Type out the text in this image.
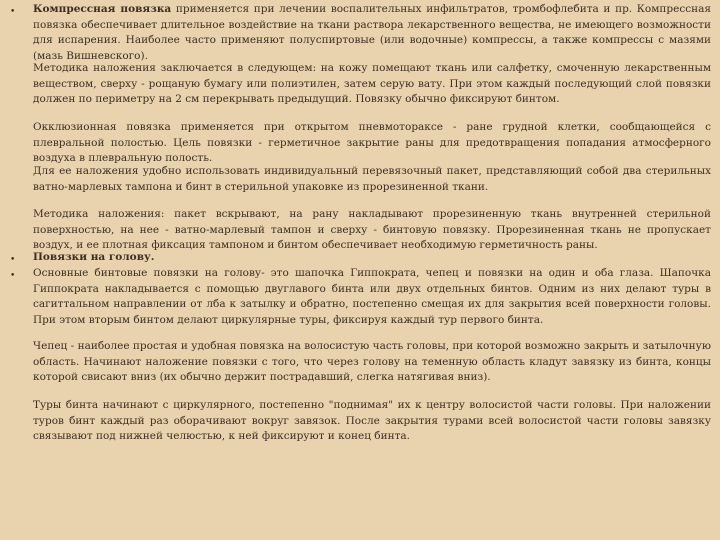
• Компрессная повязка применяется при лечении воспалительных инфильтратов, тромбофлебита и пр. Компрессная повязка обеспечивает длительное воздействие на ткани раствора лекарственного вещества, не имеющего возможности для испарения. Наиболее часто применяют полуспиртовые (или водочные) компрессы, а также компрессы с мазями (мазь Вишневского).

Методика наложения заключается в следующем: на кожу помещают ткань или салфетку, смоченную лекарственным веществом, сверху - рощаную бумагу или полиэтилен, затем серую вату. При этом каждый последующий слой повязки должен по периметру на 2 см перекрывать предыдущий. Повязку обычно фиксируют бинтом.

Окклюзионная повязка применяется при открытом пневмотораксе - ране грудной клетки, сообщающейся с плевральной полостью. Цель повязки - герметичное закрытие раны для предотвращения попадания атмосферного воздуха в плевральную полость.

Для ее наложения удобно использовать индивидуальный перевязочный пакет, представляющий собой два стерильных ватно-марлевых тампона и бинт в стерильной упаковке из прорезиненной ткани.

Методика наложения: пакет вскрывают, на рану накладывают прорезиненную ткань внутренней стерильной поверхностью, на нее - ватно-марлевый тампон и сверху - бинтовую повязку. Прорезиненная ткань не пропускает воздух, и ее плотная фиксация тампоном и бинтом обеспечивает необходимую герметичность раны.

• Повязки на голову.

• Основные бинтовые повязки на голову- это шапочка Гиппократа, чепец и повязки на один и оба глаза. Шапочка Гиппократа накладывается с помощью двуглавого бинта или двух отдельных бинтов. Одним из них делают туры в сагиттальном направлении от лба к затылку и обратно, постепенно смещая их для закрытия всей поверхности головы. При этом вторым бинтом делают циркулярные туры, фиксируя каждый тур первого бинта.

Чепец - наиболее простая и удобная повязка на волосистую часть головы, при которой возможно закрыть и затылочную область. Начинают наложение повязки с того, что через голову на теменную область кладут завязку из бинта, концы которой свисают вниз (их обычно держит пострадавший, слегка натягивая вниз).

Туры бинта начинают с циркулярного, постепенно "поднимая" их к центру волосистой части головы. При наложении туров бинт каждый раз оборачивают вокруг завязок. После закрытия турами всей волосистой части головы завязку связывают под нижней челюстью, к ней фиксируют и конец бинта.
